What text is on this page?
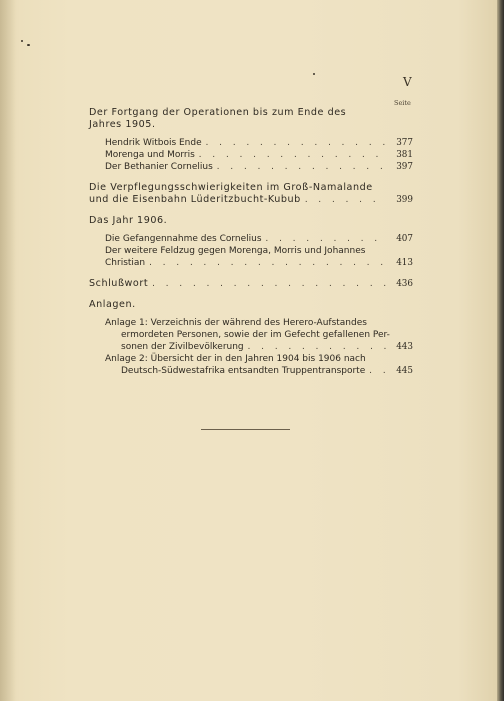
V
Seite
Der Fortgang der Operationen bis zum Ende des
Jahres 1905.
Hendrik Witbois Ende . . .	377
Morenga und Morris . . .	381
Der Bethanier Cornelius . . .	397
Die Verpflegungsschwierigkeiten im Groß-Namalande
und die Eisenbahn Lüderitzbucht-Kubub . . .	399
Das Jahr 1906.
Die Gefangennahme des Cornelius . . .	407
Der weitere Feldzug gegen Morenga, Morris und Johannes
Christian . . .	413
Schlußwort . . .	436
Anlagen.
Anlage 1: Verzeichnis der während des Herero-Aufstandes
ermordeten Personen, sowie der im Gefecht gefallenen Per-
sonen der Zivilbevölkerung . . .	443
Anlage 2: Übersicht der in den Jahren 1904 bis 1906 nach
Deutsch-Südwestafrika entsandten Truppentransporte . . .	445
